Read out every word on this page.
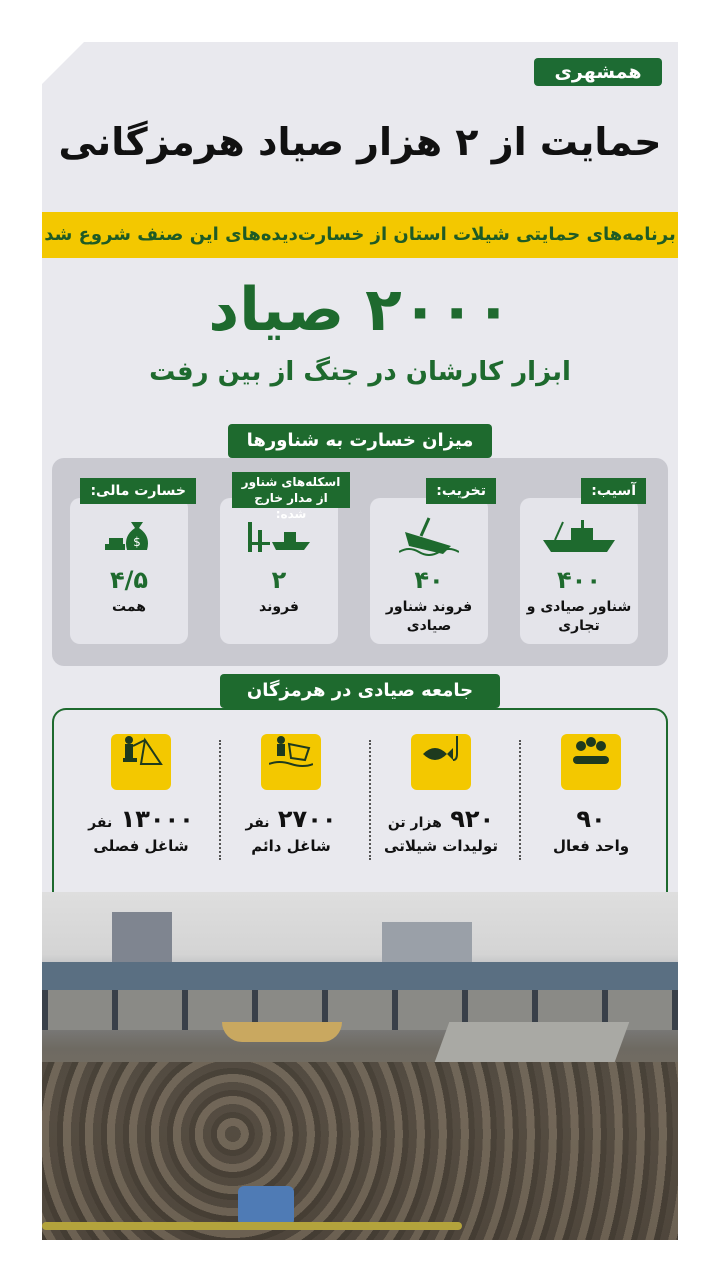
همشهری
حمایت از ۲ هزار صیاد هرمزگانی
برنامه‌های حمایتی شیلات استان از خسارت‌دیده‌های این صنف شروع شد
۲۰۰۰ صیاد
ابزار کارشان در جنگ از بین رفت
میزان خسارت به شناورها
آسیب:
۴۰۰
شناور صیادی و تجاری
تخریب:
۴۰
فروند شناور صیادی
اسکله‌های شناور
از مدار خارج شده:
۲
فروند
خسارت مالی:
$
۴/۵
همت
جامعه صیادی در هرمزگان
۹۰
واحد فعال
۹۲۰ هزار تن
تولیدات شیلاتی
۲۷۰۰ نفر
شاغل دائم
۱۳۰۰۰ نفر
شاغل فصلی
